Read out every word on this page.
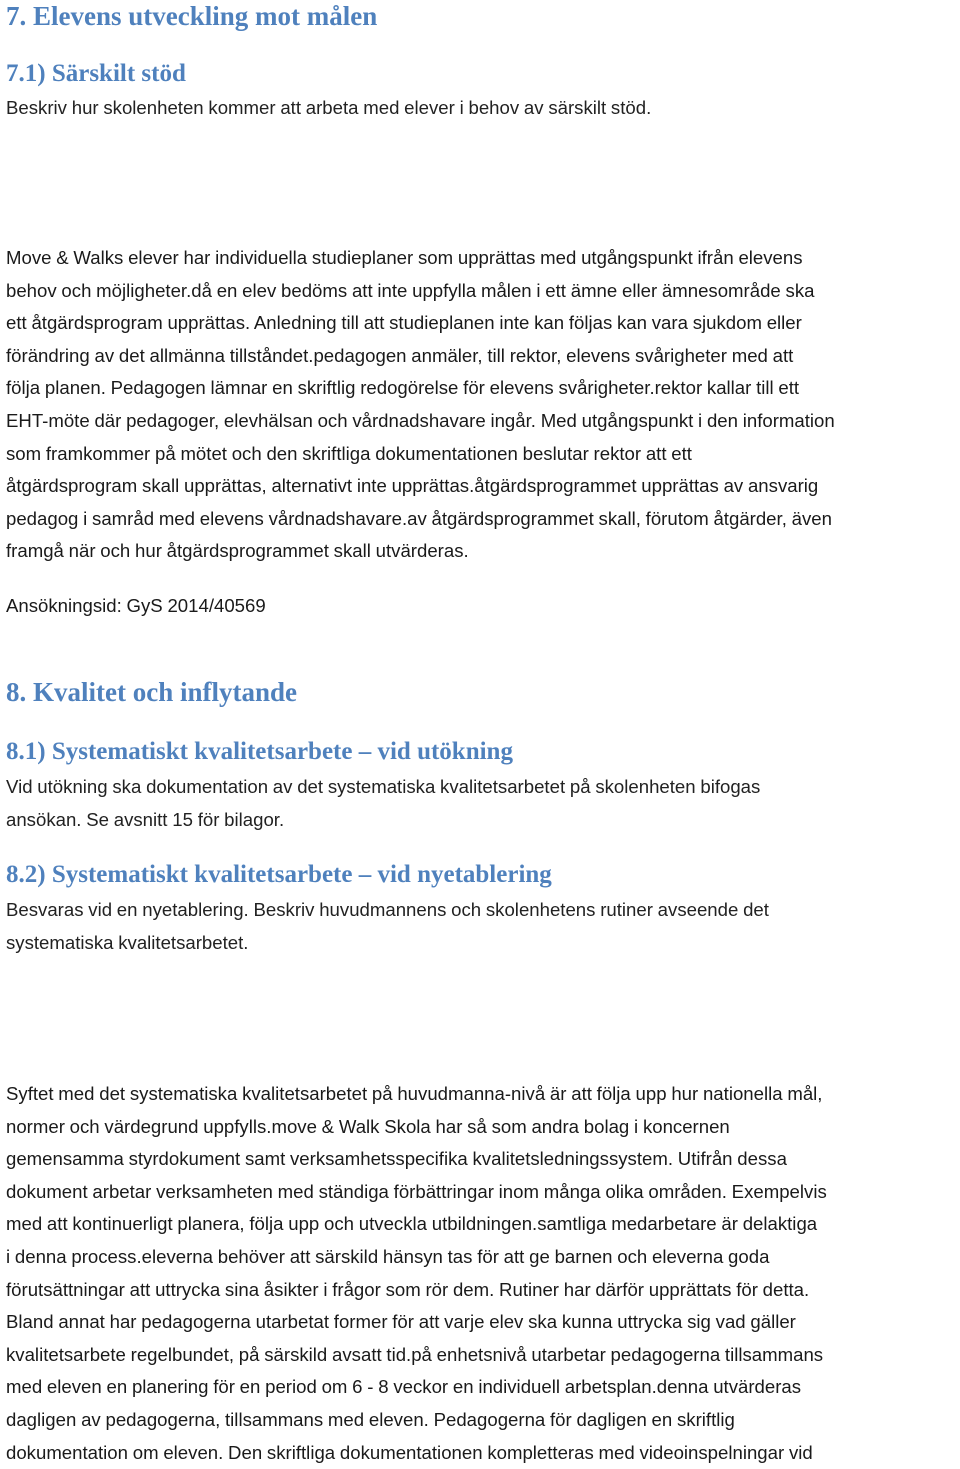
7. Elevens utveckling mot målen
7.1) Särskilt stöd

Beskriv hur skolenheten kommer att arbeta med elever i behov av särskilt stöd.

Move & Walks elever har individuella studieplaner som upprättas med utgångspunkt ifrån elevens
behov och möjligheter.då en elev bedöms att inte uppfylla målen i ett ämne eller ämnesområde ska
ett åtgärdsprogram upprättas. Anledning till att studieplanen inte kan följas kan vara sjukdom eller
förändring av det allmänna tillståndet.pedagogen anmäler, till rektor, elevens svårigheter med att
följa planen. Pedagogen lämnar en skriftlig redogörelse för elevens svårigheter.rektor kallar till ett
EHT-möte där pedagoger, elevhälsan och vårdnadshavare ingår. Med utgångspunkt i den information
som framkommer på mötet och den skriftliga dokumentationen beslutar rektor att ett
åtgärdsprogram skall upprättas, alternativt inte upprättas.åtgärdsprogrammet upprättas av ansvarig
pedagog i samråd med elevens vårdnadshavare.av åtgärdsprogrammet skall, förutom åtgärder, även
framgå när och hur åtgärdsprogrammet skall utvärderas.

Ansökningsid: GyS 2014/40569

8. Kvalitet och inflytande
8.1) Systematiskt kvalitetsarbete – vid utökning

Vid utökning ska dokumentation av det systematiska kvalitetsarbetet på skolenheten bifogas
ansökan. Se avsnitt 15 för bilagor.

8.2) Systematiskt kvalitetsarbete – vid nyetablering

Besvaras vid en nyetablering. Beskriv huvudmannens och skolenhetens rutiner avseende det
systematiska kvalitetsarbetet.

Syftet med det systematiska kvalitetsarbetet på huvudmanna-nivå är att följa upp hur nationella mål,
normer och värdegrund uppfylls.move & Walk Skola har så som andra bolag i koncernen
gemensamma styrdokument samt verksamhetsspecifika kvalitetsledningssystem. Utifrån dessa
dokument arbetar verksamheten med ständiga förbättringar inom många olika områden. Exempelvis
med att kontinuerligt planera, följa upp och utveckla utbildningen.samtliga medarbetare är delaktiga
i denna process.eleverna behöver att särskild hänsyn tas för att ge barnen och eleverna goda
förutsättningar att uttrycka sina åsikter i frågor som rör dem. Rutiner har därför upprättats för detta.
Bland annat har pedagogerna utarbetat former för att varje elev ska kunna uttrycka sig vad gäller
kvalitetsarbete regelbundet, på särskild avsatt tid.på enhetsnivå utarbetar pedagogerna tillsammans
med eleven en planering för en period om 6 - 8 veckor en individuell arbetsplan.denna utvärderas
dagligen av pedagogerna, tillsammans med eleven. Pedagogerna för dagligen en skriftlig
dokumentation om eleven. Den skriftliga dokumentationen kompletteras med videoinspelningar vid
